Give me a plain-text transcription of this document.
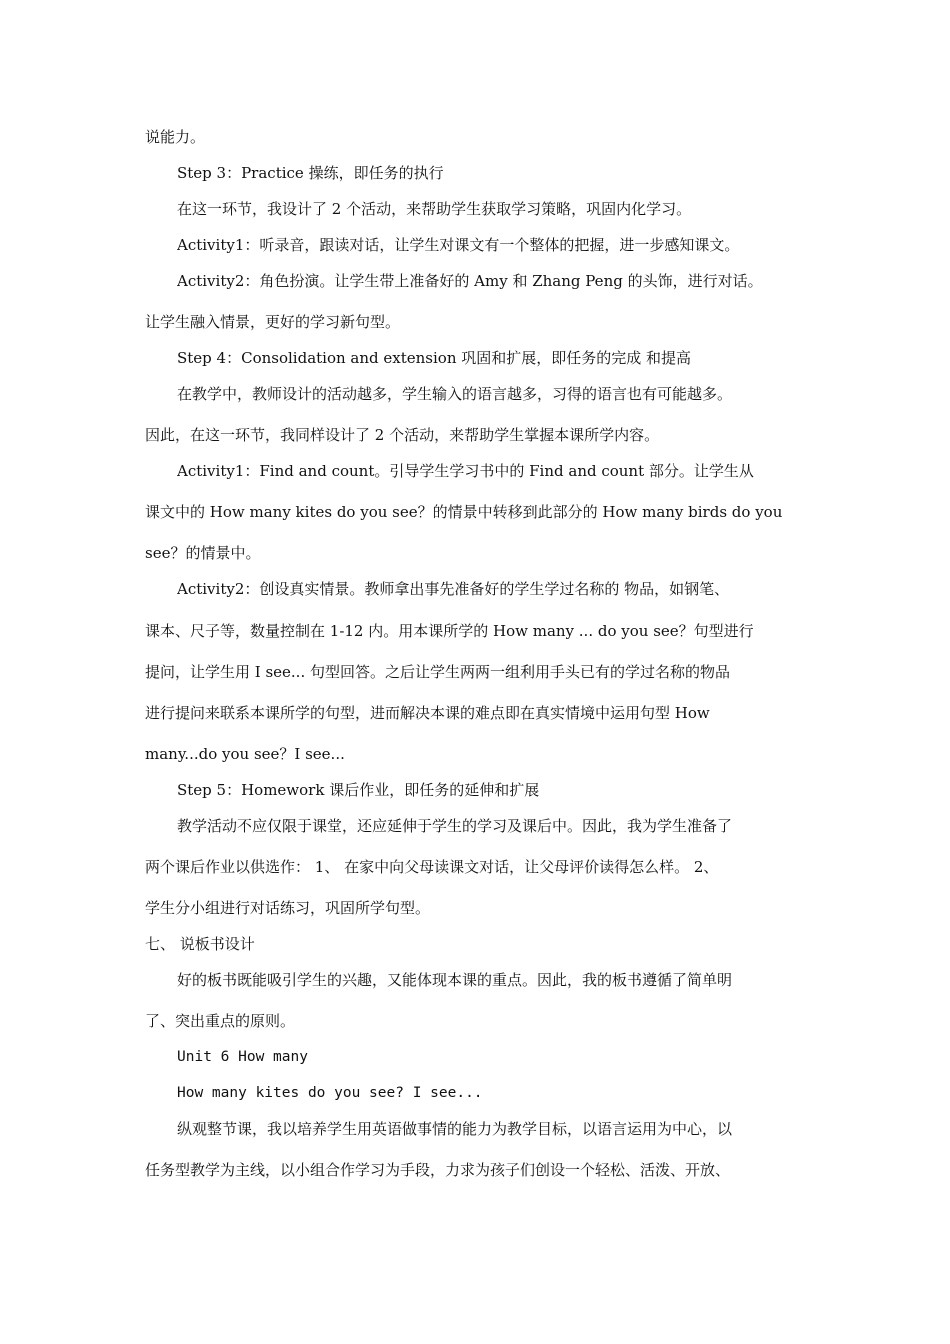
说能力。
Step 3：Practice 操练，即任务的执行
在这一环节，我设计了 2 个活动，来帮助学生获取学习策略，巩固内化学习。
Activity1：听录音，跟读对话，让学生对课文有一个整体的把握，进一步感知课文。
Activity2：角色扮演。让学生带上准备好的 Amy 和 Zhang Peng 的头饰，进行对话。
让学生融入情景，更好的学习新句型。
Step 4：Consolidation and extension 巩固和扩展，即任务的完成 和提高
在教学中，教师设计的活动越多，学生输入的语言越多，习得的语言也有可能越多。
因此，在这一环节，我同样设计了 2 个活动，来帮助学生掌握本课所学内容。
Activity1：Find and count。引导学生学习书中的 Find and count 部分。让学生从
课文中的 How many kites do you see？的情景中转移到此部分的 How many birds do you
see？的情景中。
Activity2：创设真实情景。教师拿出事先准备好的学生学过名称的 物品，如钢笔、
课本、尺子等，数量控制在 1-12 内。用本课所学的 How many ... do you see？句型进行
提问，让学生用 I see... 句型回答。之后让学生两两一组利用手头已有的学过名称的物品
进行提问来联系本课所学的句型，进而解决本课的难点即在真实情境中运用句型 How
many...do you see？I see...
Step 5：Homework 课后作业，即任务的延伸和扩展
教学活动不应仅限于课堂，还应延伸于学生的学习及课后中。因此，我为学生准备了
两个课后作业以供选作： 1、 在家中向父母读课文对话，让父母评价读得怎么样。 2、
学生分小组进行对话练习，巩固所学句型。
七、 说板书设计
好的板书既能吸引学生的兴趣，又能体现本课的重点。因此，我的板书遵循了简单明
了、突出重点的原则。
Unit 6 How many
How many kites do you see? I see...
纵观整节课，我以培养学生用英语做事情的能力为教学目标，以语言运用为中心，以
任务型教学为主线，以小组合作学习为手段，力求为孩子们创设一个轻松、活泼、开放、
